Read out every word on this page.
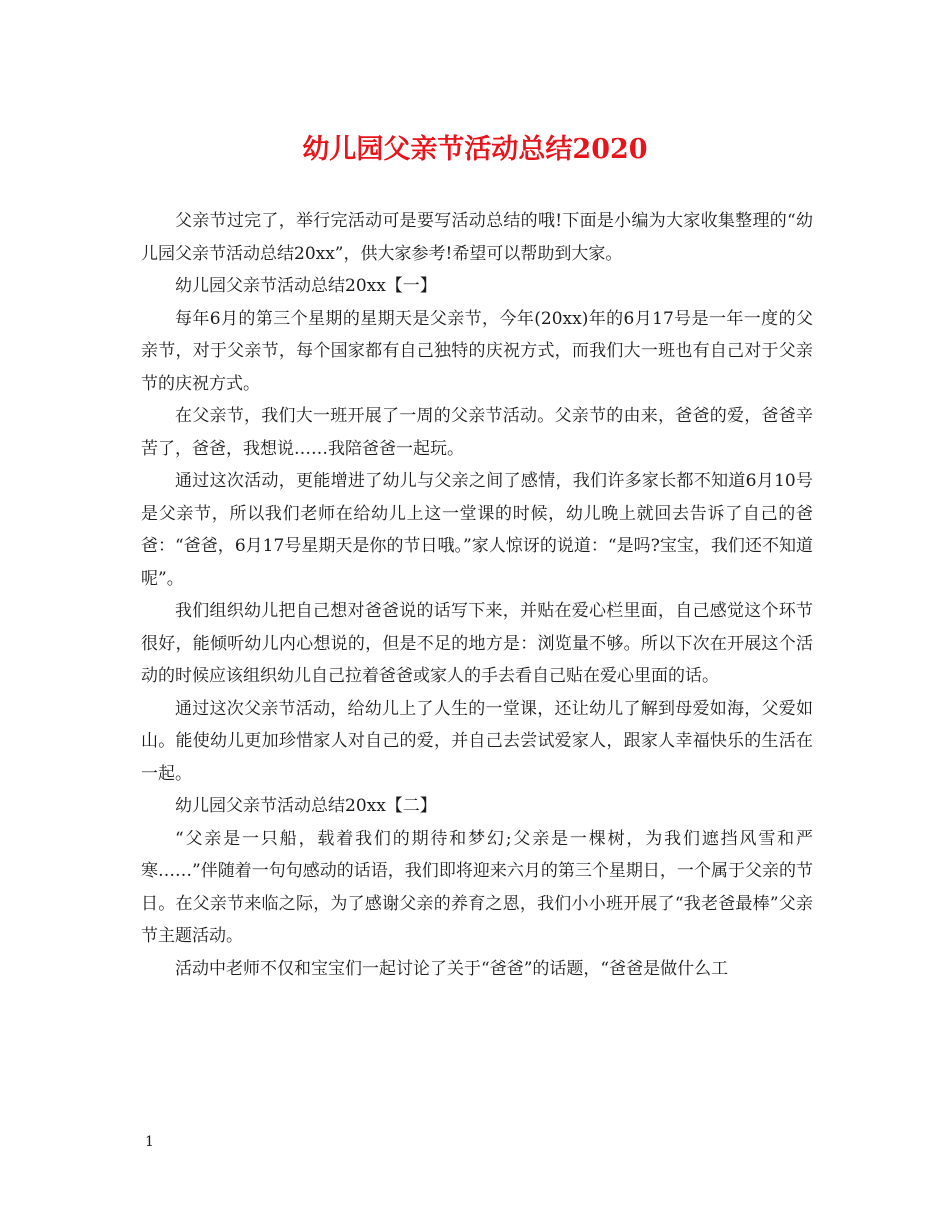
幼儿园父亲节活动总结2020

父亲节过完了，举行完活动可是要写活动总结的哦!下面是小编为大家收集整理的“幼儿园父亲节活动总结20xx”，供大家参考!希望可以帮助到大家。

幼儿园父亲节活动总结20xx【一】

每年6月的第三个星期的星期天是父亲节，今年(20xx)年的6月17号是一年一度的父亲节，对于父亲节，每个国家都有自己独特的庆祝方式，而我们大一班也有自己对于父亲节的庆祝方式。

在父亲节，我们大一班开展了一周的父亲节活动。父亲节的由来，爸爸的爱，爸爸辛苦了，爸爸，我想说……我陪爸爸一起玩。

通过这次活动，更能增进了幼儿与父亲之间了感情，我们许多家长都不知道6月10号是父亲节，所以我们老师在给幼儿上这一堂课的时候，幼儿晚上就回去告诉了自己的爸爸：“爸爸，6月17号星期天是你的节日哦。”家人惊讶的说道：“是吗?宝宝，我们还不知道呢”。

我们组织幼儿把自己想对爸爸说的话写下来，并贴在爱心栏里面，自己感觉这个环节很好，能倾听幼儿内心想说的，但是不足的地方是：浏览量不够。所以下次在开展这个活动的时候应该组织幼儿自己拉着爸爸或家人的手去看自己贴在爱心里面的话。

通过这次父亲节活动，给幼儿上了人生的一堂课，还让幼儿了解到母爱如海，父爱如山。能使幼儿更加珍惜家人对自己的爱，并自己去尝试爱家人，跟家人幸福快乐的生活在一起。

幼儿园父亲节活动总结20xx【二】

“父亲是一只船，载着我们的期待和梦幻;父亲是一棵树，为我们遮挡风雪和严寒……”伴随着一句句感动的话语，我们即将迎来六月的第三个星期日，一个属于父亲的节日。在父亲节来临之际，为了感谢父亲的养育之恩，我们小小班开展了“我老爸最棒”父亲节主题活动。

活动中老师不仅和宝宝们一起讨论了关于“爸爸”的话题，“爸爸是做什么工

1
